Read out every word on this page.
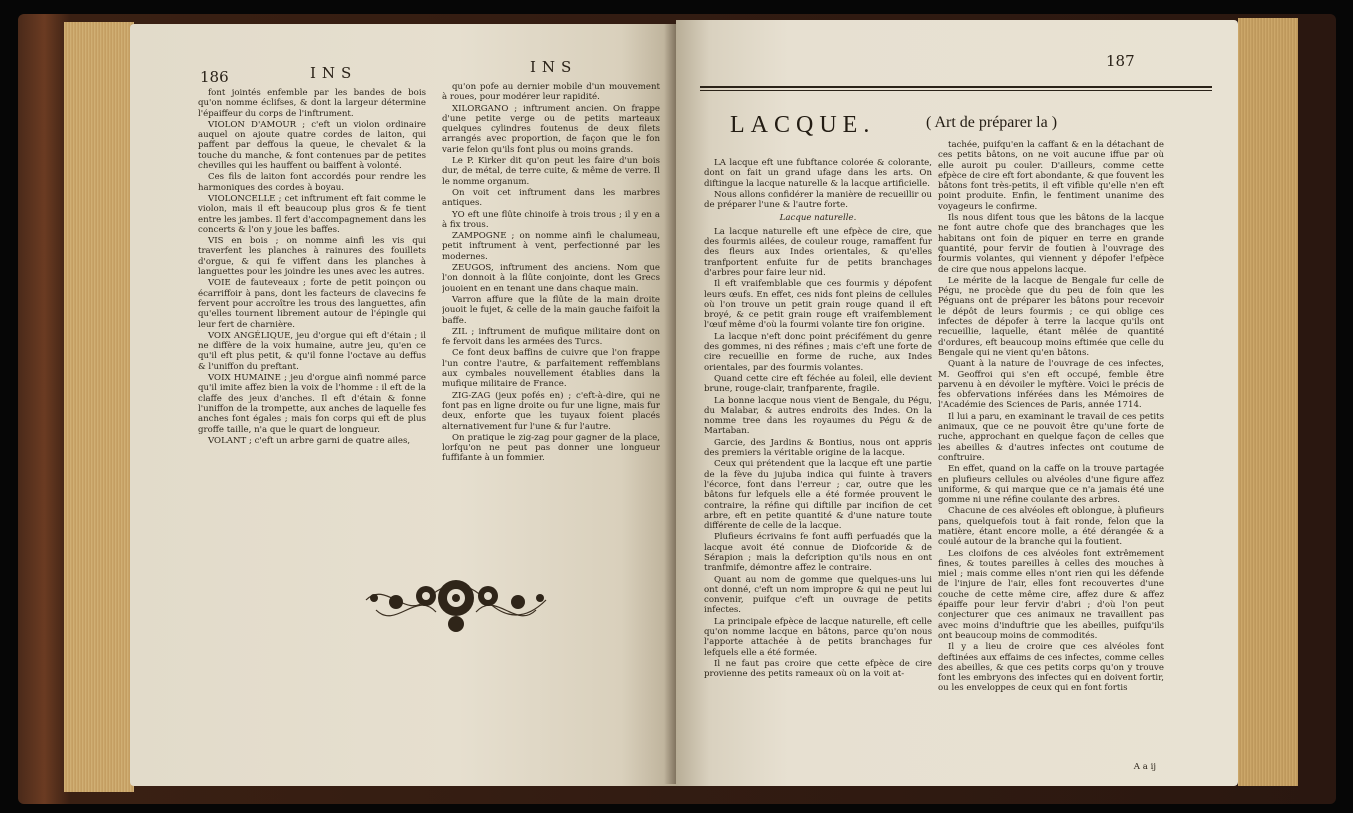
186	INS	INS

font jointés enfemble par les bandes de bois qu'on nomme éclifses, & dont la largeur détermine l'épaiffeur du corps de l'inftrument.

VIOLON D'AMOUR ; c'eft un violon ordinaire auquel on ajoute quatre cordes de laiton, qui paffent par deffous la queue, le chevalet & la touche du manche, & font contenues par de petites chevilles qui les hauffent ou baiffent à volonté.

Ces fils de laiton font accordés pour rendre les harmoniques des cordes à boyau.

VIOLONCELLE ; cet inftrument eft fait comme le violon, mais il eft beaucoup plus gros & fe tient entre les jambes. Il fert d'accompagnement dans les concerts & l'on y joue les baffes.

VIS en bois ; on nomme ainfi les vis qui traverfent les planches à rainures des fouillets d'orgue, & qui fe viffent dans les planches à languettes pour les joindre les unes avec les autres.

VOIE de fauteveaux ; forte de petit poinçon ou écarriffoir à pans, dont les facteurs de clavecins fe fervent pour accroître les trous des languettes, afin qu'elles tournent librement autour de l'épingle qui leur fert de charnière.

VOIX ANGÉLIQUE, jeu d'orgue qui eft d'étain ; il ne diffère de la voix humaine, autre jeu, qu'en ce qu'il eft plus petit, & qu'il fonne l'octave au deffus & l'uniffon du preftant.

VOIX HUMAINE ; jeu d'orgue ainfi nommé parce qu'il imite affez bien la voix de l'homme : il eft de la claffe des jeux d'anches. Il eft d'étain & fonne l'uniffon de la trompette, aux anches de laquelle fes anches font égales ; mais fon corps qui eft de plus groffe taille, n'a que le quart de longueur.

VOLANT ; c'eft un arbre garni de quatre ailes,

qu'on pofe au dernier mobile d'un mouvement à roues, pour modérer leur rapidité.

XILORGANO ; inftrument ancien. On frappe d'une petite verge ou de petits marteaux quelques cylindres foutenus de deux filets arrangés avec proportion, de façon que le fon varie felon qu'ils font plus ou moins grands.

Le P. Kirker dit qu'on peut les faire d'un bois dur, de métal, de terre cuite, & même de verre. Il le nomme organum.

On voit cet inftrument dans les marbres antiques.

YO eft une flûte chinoife à trois trous ; il y en a à fix trous.

ZAMPOGNE ; on nomme ainfi le chalumeau, petit inftrument à vent, perfectionné par les modernes.

ZEUGOS, inftrument des anciens. Nom que l'on donnoit à la flûte conjointe, dont les Grecs jouoient en en tenant une dans chaque main.

Varron affure que la flûte de la main droite jouoit le fujet, & celle de la main gauche faifoit la baffe.

ZIL ; inftrument de mufique militaire dont on fe fervoit dans les armées des Turcs.

Ce font deux baffins de cuivre que l'on frappe l'un contre l'autre, & parfaitement reffemblans aux cymbales nouvellement établies dans la mufique militaire de France.

ZIG-ZAG (jeux pofés en) ; c'eft-à-dire, qui ne font pas en ligne droite ou fur une ligne, mais fur deux, enforte que les tuyaux foient placés alternativement fur l'une & fur l'autre.

On pratique le zig-zag pour gagner de la place, lorfqu'on ne peut pas donner une longueur fuffifante à un fommier.

187
LACQUE.	( Art de préparer la )

LA lacque eft une fubftance colorée & colorante, dont on fait un grand ufage dans les arts. On diftingue la lacque naturelle & la lacque artificielle.

Nous allons confidérer la manière de recueillir ou de préparer l'une & l'autre forte.

Lacque naturelle.

La lacque naturelle eft une efpèce de cire, que des fourmis ailées, de couleur rouge, ramaffent fur des fleurs aux Indes orientales, & qu'elles tranfportent enfuite fur de petits branchages d'arbres pour faire leur nid.

Il eft vraifemblable que ces fourmis y dépofent leurs œufs. En effet, ces nids font pleins de cellules où l'on trouve un petit grain rouge quand il eft broyé, & ce petit grain rouge eft vraifemblement l'œuf même d'où la fourmi volante tire fon origine.

La lacque n'eft donc point précifément du genre des gommes, ni des réfines ; mais c'eft une forte de cire recueillie en forme de ruche, aux Indes orientales, par des fourmis volantes.

Quand cette cire eft féchée au foleil, elle devient brune, rouge-clair, tranfparente, fragile.

La bonne lacque nous vient de Bengale, du Pégu, du Malabar, & autres endroits des Indes. On la nomme tree dans les royaumes du Pégu & de Martaban.

Garcie, des Jardins & Bontius, nous ont appris des premiers la véritable origine de la lacque.

Ceux qui prétendent que la lacque eft une partie de la fève du jujuba indica qui fuinte à travers l'écorce, font dans l'erreur ; car, outre que les bâtons fur lefquels elle a été formée prouvent le contraire, la réfine qui diftille par incifion de cet arbre, eft en petite quantité & d'une nature toute différente de celle de la lacque.

Plufieurs écrivains fe font auffi perfuadés que la lacque avoit été connue de Diofcoride & de Sérapion ; mais la defcription qu'ils nous en ont tranfmife, démontre affez le contraire.

Quant au nom de gomme que quelques-uns lui ont donné, c'eft un nom impropre & qui ne peut lui convenir, puifque c'eft un ouvrage de petits infectes.

La principale efpèce de lacque naturelle, eft celle qu'on nomme lacque en bâtons, parce qu'on nous l'apporte attachée à de petits branchages fur lefquels elle a été formée.

Il ne faut pas croire que cette efpèce de cire provienne des petits rameaux où on la voit at-

tachée, puifqu'en la caffant & en la détachant de ces petits bâtons, on ne voit aucune iffue par où elle auroit pu couler. D'ailleurs, comme cette efpèce de cire eft fort abondante, & que fouvent les bâtons font très-petits, il eft vifible qu'elle n'en eft point produite. Enfin, le fentiment unanime des voyageurs le confirme.

Ils nous difent tous que les bâtons de la lacque ne font autre chofe que des branchages que les habitans ont foin de piquer en terre en grande quantité, pour fervir de foutien à l'ouvrage des fourmis volantes, qui viennent y dépofer l'efpèce de cire que nous appelons lacque.

Le mérite de la lacque de Bengale fur celle de Pégu, ne procède que du peu de foin que les Péguans ont de préparer les bâtons pour recevoir le dépôt de leurs fourmis ; ce qui oblige ces infectes de dépofer à terre la lacque qu'ils ont recueillie, laquelle, étant mêlée de quantité d'ordures, eft beaucoup moins eftimée que celle du Bengale qui ne vient qu'en bâtons.

Quant à la nature de l'ouvrage de ces infectes, M. Geoffroi qui s'en eft occupé, femble être parvenu à en dévoiler le myftère. Voici le précis de fes obfervations inférées dans les Mémoires de l'Académie des Sciences de Paris, année 1714.

Il lui a paru, en examinant le travail de ces petits animaux, que ce ne pouvoit être qu'une forte de ruche, approchant en quelque façon de celles que les abeilles & d'autres infectes ont coutume de conftruire.

En effet, quand on la caffe on la trouve partagée en plufieurs cellules ou alvéoles d'une figure affez uniforme, & qui marque que ce n'a jamais été une gomme ni une réfine coulante des arbres.

Chacune de ces alvéoles eft oblongue, à plufieurs pans, quelquefois tout à fait ronde, felon que la matière, étant encore molle, a été dérangée & a coulé autour de la branche qui la foutient.

Les cloifons de ces alvéoles font extrêmement fines, & toutes pareilles à celles des mouches à miel ; mais comme elles n'ont rien qui les défende de l'injure de l'air, elles font recouvertes d'une couche de cette même cire, affez dure & affez épaiffe pour leur fervir d'abri ; d'où l'on peut conjecturer que ces animaux ne travaillent pas avec moins d'induftrie que les abeilles, puifqu'ils ont beaucoup moins de commodités.

Il y a lieu de croire que ces alvéoles font deftinées aux effaims de ces infectes, comme celles des abeilles, & que ces petits corps qu'on y trouve font les embryons des infectes qui en doivent fortir, ou les enveloppes de ceux qui en font fortis

A a ij
